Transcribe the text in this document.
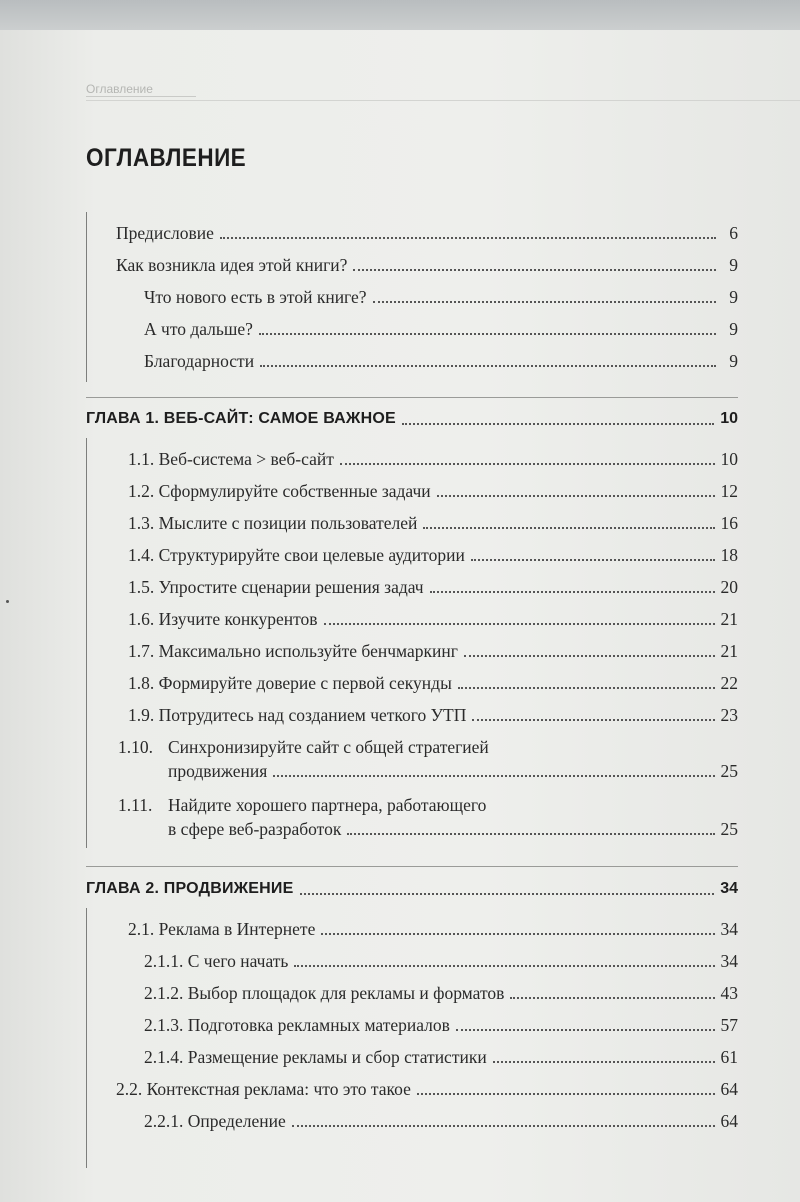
Оглавление
ОГЛАВЛЕНИЕ
Предисловие	6
Как возникла идея этой книги?	9
Что нового есть в этой книге?	9
А что дальше?	9
Благодарности	9
ГЛАВА 1. ВЕБ-САЙТ: САМОЕ ВАЖНОЕ	10
1.1. Веб-система > веб-сайт	10
1.2. Сформулируйте собственные задачи	12
1.3. Мыслите с позиции пользователей	16
1.4. Структурируйте свои целевые аудитории	18
1.5. Упростите сценарии решения задач	20
1.6. Изучите конкурентов	21
1.7. Максимально используйте бенчмаркинг	21
1.8. Формируйте доверие с первой секунды	22
1.9. Потрудитесь над созданием четкого УТП	23
1.10. Синхронизируйте сайт с общей стратегией
продвижения	25
1.11. Найдите хорошего партнера, работающего
в сфере веб-разработок	25
ГЛАВА 2. ПРОДВИЖЕНИЕ	34
2.1. Реклама в Интернете	34
2.1.1. С чего начать	34
2.1.2. Выбор площадок для рекламы и форматов	43
2.1.3. Подготовка рекламных материалов	57
2.1.4. Размещение рекламы и сбор статистики	61
2.2. Контекстная реклама: что это такое	64
2.2.1. Определение	64
